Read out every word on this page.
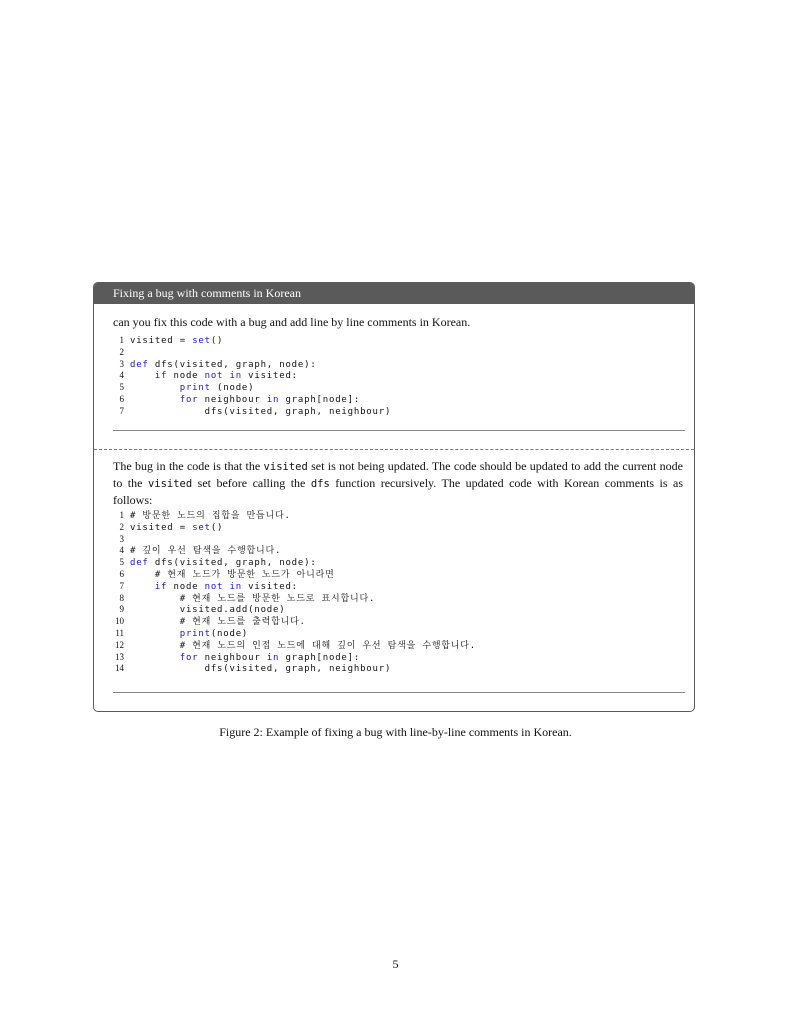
Fixing a bug with comments in Korean
can you fix this code with a bug and add line by line comments in Korean.
1 visited = set()
2
3 def dfs(visited, graph, node):
4	if node not in visited:
5	print (node)
6	for neighbour in graph[node]:
7            dfs(visited, graph, neighbour)
The bug in the code is that the visited set is not being updated. The code should be updated to add the current node to the visited set before calling the dfs function recursively. The updated code with Korean comments is as follows:
1 # 방문한 노드의 집합을 만듭니다.
2 visited = set()
3
4 # 깊이 우선 탐색을 수행합니다.
5 def dfs(visited, graph, node):
6    # 현재 노드가 방문한 노드가 아니라면
7	if node not in visited:
8        # 현재 노드를 방문한 노드로 표시합니다.
9        visited.add(node)
10        # 현재 노드를 출력합니다.
11	print(node)
12        # 현재 노드의 인접 노드에 대해 깊이 우선 탐색을 수행합니다.
13	for neighbour in graph[node]:
14            dfs(visited, graph, neighbour)
Figure 2: Example of fixing a bug with line-by-line comments in Korean.
5
